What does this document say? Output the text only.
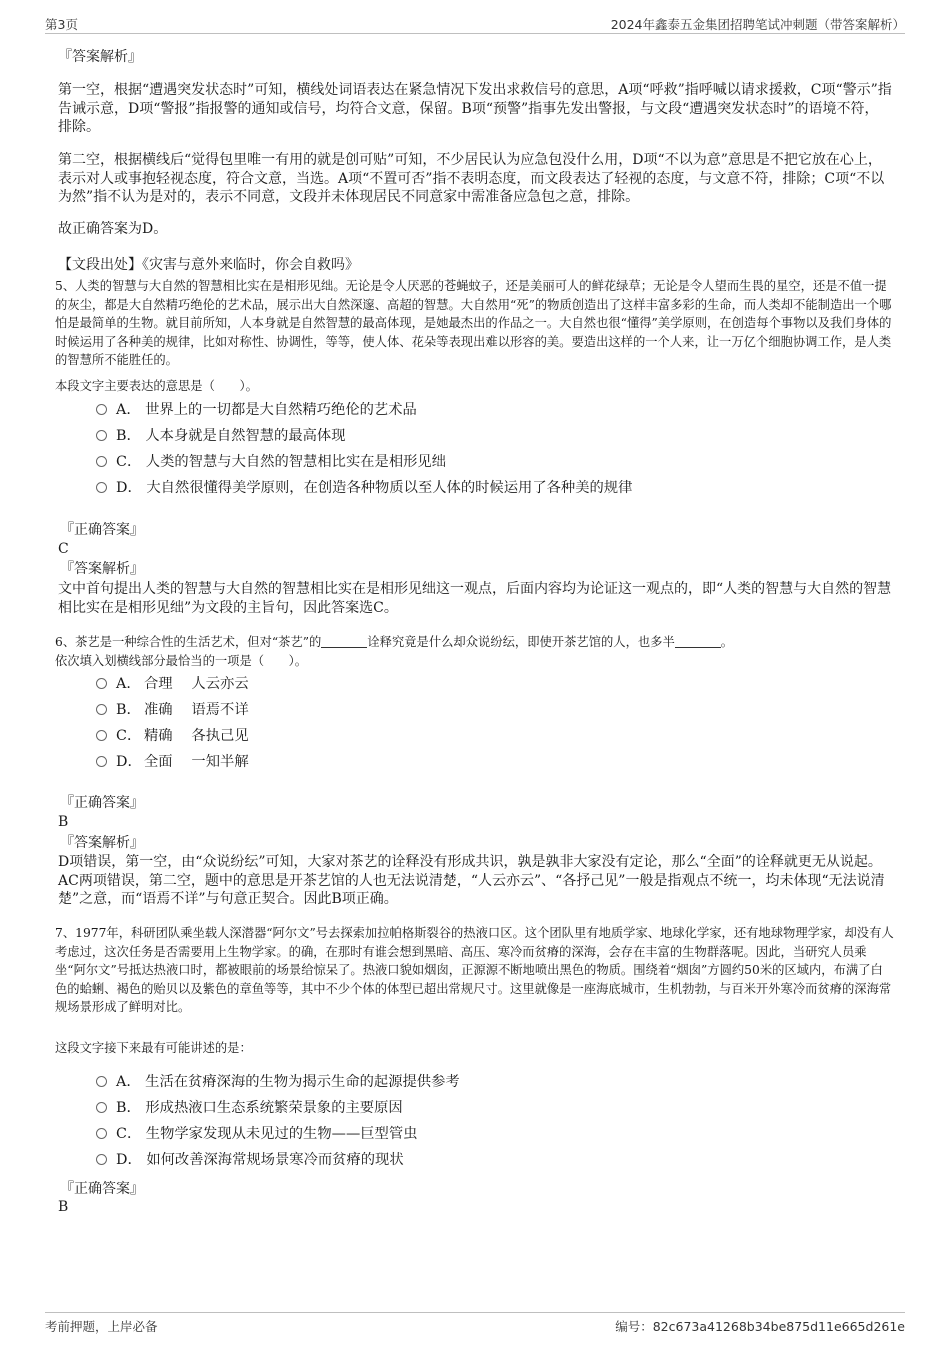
第3页	2024年鑫泰五金集团招聘笔试冲刺题（带答案解析）
『答案解析』
第一空，根据“遭遇突发状态时”可知，横线处词语表达在紧急情况下发出求救信号的意思，A项“呼救”指呼喊以请求援救，C项“警示”指告诫示意，D项“警报”指报警的通知或信号，均符合文意，保留。B项“预警”指事先发出警报，与文段“遭遇突发状态时”的语境不符，排除。
第二空，根据横线后“觉得包里唯一有用的就是创可贴”可知，不少居民认为应急包没什么用，D项“不以为意”意思是不把它放在心上，表示对人或事抱轻视态度，符合文意，当选。A项“不置可否”指不表明态度，而文段表达了轻视的态度，与文意不符，排除；C项“不以为然”指不认为是对的，表示不同意，文段并未体现居民不同意家中需准备应急包之意，排除。
故正确答案为D。
【文段出处】《灾害与意外来临时，你会自救吗》
5、人类的智慧与大自然的智慧相比实在是相形见绌。无论是令人厌恶的苍蝇蚊子，还是美丽可人的鲜花绿草；无论是令人望而生畏的星空，还是不值一提的灰尘，都是大自然精巧绝伦的艺术品，展示出大自然深邃、高超的智慧。大自然用“死”的物质创造出了这样丰富多彩的生命，而人类却不能制造出一个哪怕是最简单的生物。就目前所知，人本身就是自然智慧的最高体现，是她最杰出的作品之一。大自然也很“懂得”美学原则，在创造每个事物以及我们身体的时候运用了各种美的规律，比如对称性、协调性，等等，使人体、花朵等表现出难以形容的美。要造出这样的一个人来，让一万亿个细胞协调工作，是人类的智慧所不能胜任的。
本段文字主要表达的意思是（　　）。
A． 世界上的一切都是大自然精巧绝伦的艺术品
B． 人本身就是自然智慧的最高体现
C． 人类的智慧与大自然的智慧相比实在是相形见绌
D． 大自然很懂得美学原则，在创造各种物质以至人体的时候运用了各种美的规律
『正确答案』
C
『答案解析』
文中首句提出人类的智慧与大自然的智慧相比实在是相形见绌这一观点，后面内容均为论证这一观点的，即“人类的智慧与大自然的智慧相比实在是相形见绌”为文段的主旨句，因此答案选C。
6、茶艺是一种综合性的生活艺术，但对“茶艺”的	诠释究竟是什么却众说纷纭，即使开茶艺馆的人，也多半	。
依次填入划横线部分最恰当的一项是（　　）。
A． 合理　 人云亦云
B． 准确　 语焉不详
C． 精确　 各执己见
D． 全面　 一知半解
『正确答案』
B
『答案解析』
D项错误，第一空，由“众说纷纭”可知，大家对茶艺的诠释没有形成共识，孰是孰非大家没有定论，那么“全面”的诠释就更无从说起。AC两项错误，第二空，题中的意思是开茶艺馆的人也无法说清楚，“人云亦云”、“各抒己见”一般是指观点不统一，均未体现“无法说清楚”之意，而“语焉不详”与句意正契合。因此B项正确。
7、1977年，科研团队乘坐载人深潜器“阿尔文”号去探索加拉帕格斯裂谷的热液口区。这个团队里有地质学家、地球化学家，还有地球物理学家，却没有人考虑过，这次任务是否需要用上生物学家。的确，在那时有谁会想到黑暗、高压、寒冷而贫瘠的深海，会存在丰富的生物群落呢。因此，当研究人员乘坐“阿尔文”号抵达热液口时，都被眼前的场景给惊呆了。热液口貌如烟囱，正源源不断地喷出黑色的物质。围绕着“烟囱”方圆约50米的区域内，布满了白色的蛤蜊、褐色的贻贝以及紫色的章鱼等等，其中不少个体的体型已超出常规尺寸。这里就像是一座海底城市，生机勃勃，与百米开外寒冷而贫瘠的深海常规场景形成了鲜明对比。
这段文字接下来最有可能讲述的是：
A． 生活在贫瘠深海的生物为揭示生命的起源提供参考
B． 形成热液口生态系统繁荣景象的主要原因
C． 生物学家发现从未见过的生物——巨型管虫
D． 如何改善深海常规场景寒冷而贫瘠的现状
『正确答案』
B
考前押题，上岸必备	编号：82c673a41268b34be875d11e665d261e
